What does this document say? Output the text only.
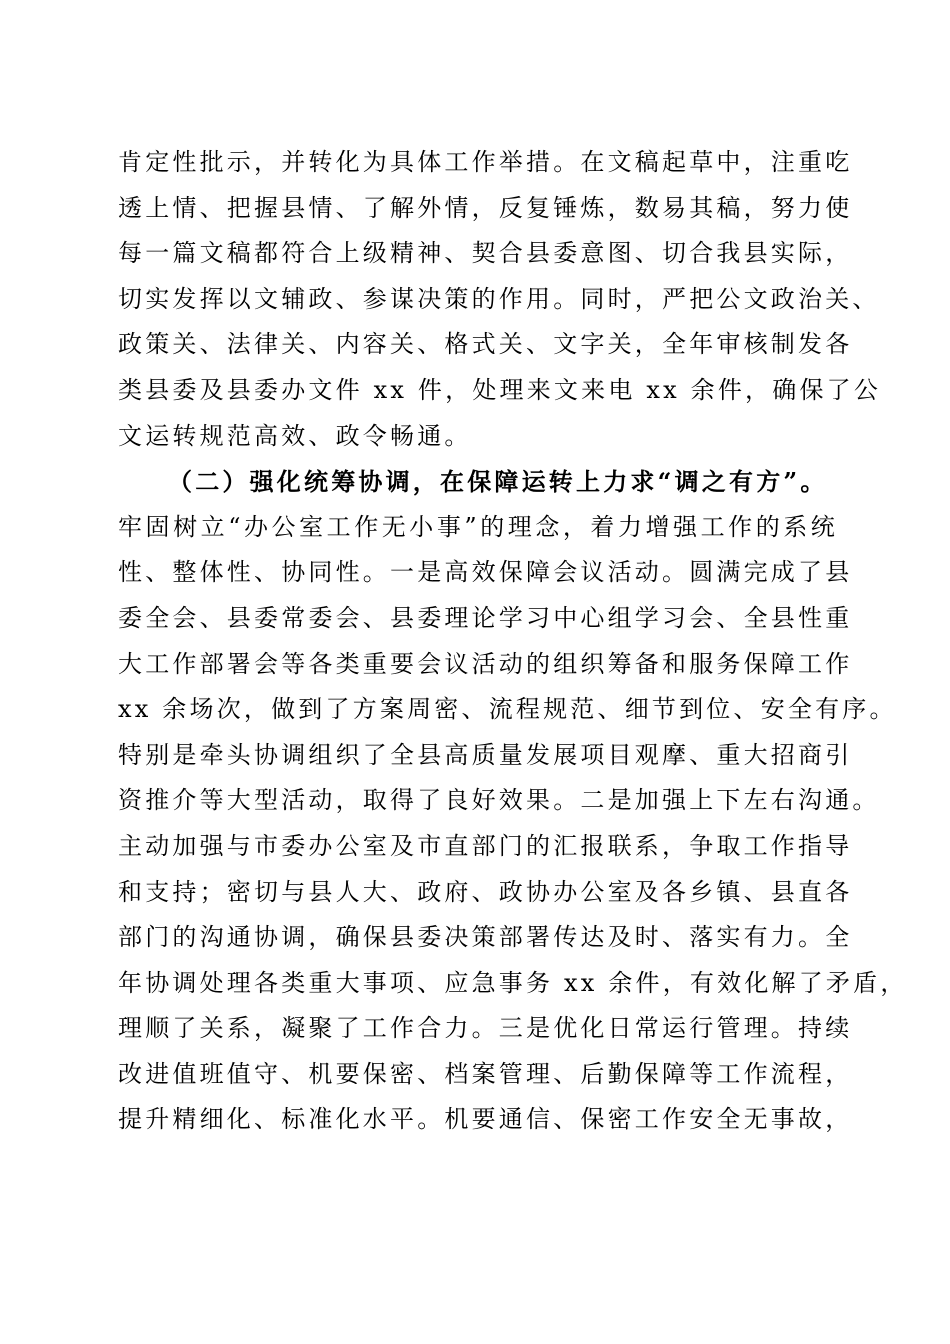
肯定性批示，并转化为具体工作举措。在文稿起草中，注重吃
透上情、把握县情、了解外情，反复锤炼，数易其稿，努力使
每一篇文稿都符合上级精神、契合县委意图、切合我县实际，
切实发挥以文辅政、参谋决策的作用。同时，严把公文政治关、
政策关、法律关、内容关、格式关、文字关，全年审核制发各
类县委及县委办文件 xx 件，处理来文来电 xx 余件，确保了公
文运转规范高效、政令畅通。
（二）强化统筹协调，在保障运转上力求“调之有方”。
牢固树立“办公室工作无小事”的理念，着力增强工作的系统
性、整体性、协同性。一是高效保障会议活动。圆满完成了县
委全会、县委常委会、县委理论学习中心组学习会、全县性重
大工作部署会等各类重要会议活动的组织筹备和服务保障工作
xx 余场次，做到了方案周密、流程规范、细节到位、安全有序。
特别是牵头协调组织了全县高质量发展项目观摩、重大招商引
资推介等大型活动，取得了良好效果。二是加强上下左右沟通。
主动加强与市委办公室及市直部门的汇报联系，争取工作指导
和支持；密切与县人大、政府、政协办公室及各乡镇、县直各
部门的沟通协调，确保县委决策部署传达及时、落实有力。全
年协调处理各类重大事项、应急事务 xx 余件，有效化解了矛盾，
理顺了关系，凝聚了工作合力。三是优化日常运行管理。持续
改进值班值守、机要保密、档案管理、后勤保障等工作流程，
提升精细化、标准化水平。机要通信、保密工作安全无事故，
